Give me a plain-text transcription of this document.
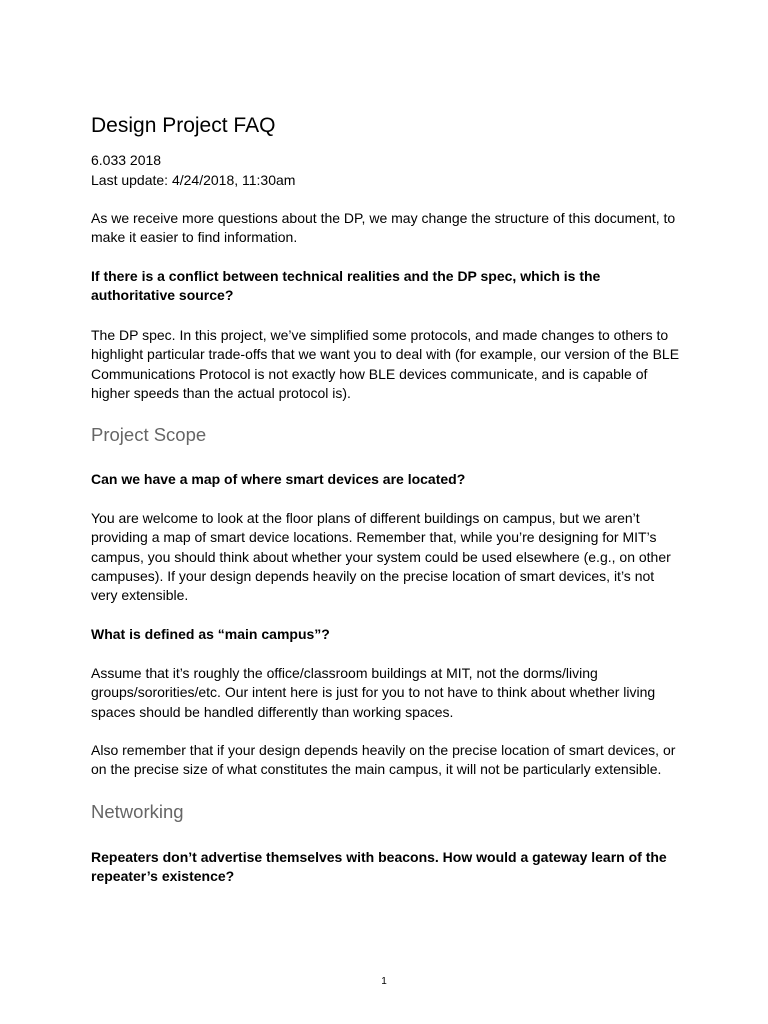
Design Project FAQ
6.033 2018
Last update: 4/24/2018, 11:30am

As we receive more questions about the DP, we may change the structure of this document, to make it easier to find information.

If there is a conflict between technical realities and the DP spec, which is the authoritative source?

The DP spec. In this project, we’ve simplified some protocols, and made changes to others to highlight particular trade-offs that we want you to deal with (for example, our version of the BLE Communications Protocol is not exactly how BLE devices communicate, and is capable of higher speeds than the actual protocol is).

Project Scope

Can we have a map of where smart devices are located?

You are welcome to look at the floor plans of different buildings on campus, but we aren’t providing a map of smart device locations. Remember that, while you’re designing for MIT’s campus, you should think about whether your system could be used elsewhere (e.g., on other campuses). If your design depends heavily on the precise location of smart devices, it’s not very extensible.

What is defined as “main campus”?

Assume that it’s roughly the office/classroom buildings at MIT, not the dorms/living groups/sororities/etc. Our intent here is just for you to not have to think about whether living spaces should be handled differently than working spaces.

Also remember that if your design depends heavily on the precise location of smart devices, or on the precise size of what constitutes the main campus, it will not be particularly extensible.

Networking

Repeaters don’t advertise themselves with beacons. How would a gateway learn of the repeater’s existence?

1
